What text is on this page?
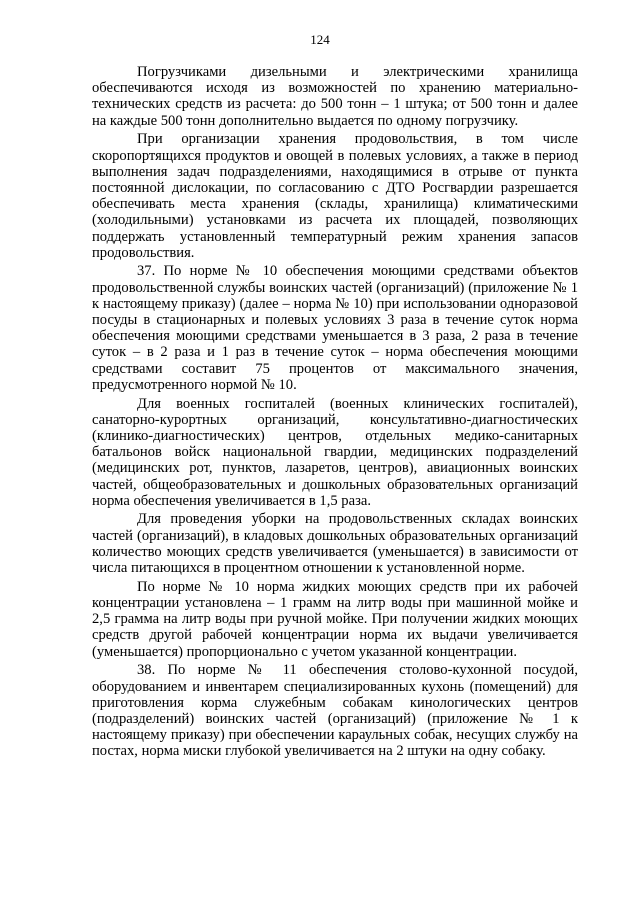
124

Погрузчиками дизельными и электрическими хранилища обеспечиваются исходя из возможностей по хранению материально-технических средств из расчета: до 500 тонн – 1 штука; от 500 тонн и далее на каждые 500 тонн дополнительно выдается по одному погрузчику.

При организации хранения продовольствия, в том числе скоропортящихся продуктов и овощей в полевых условиях, а также в период выполнения задач подразделениями, находящимися в отрыве от пункта постоянной дислокации, по согласованию с ДТО Росгвардии разрешается обеспечивать места хранения (склады, хранилища) климатическими (холодильными) установками из расчета их площадей, позволяющих поддержать установленный температурный режим хранения запасов продовольствия.

37. По норме № 10 обеспечения моющими средствами объектов продовольственной службы воинских частей (организаций) (приложение № 1 к настоящему приказу) (далее – норма № 10) при использовании одноразовой посуды в стационарных и полевых условиях 3 раза в течение суток норма обеспечения моющими средствами уменьшается в 3 раза, 2 раза в течение суток – в 2 раза и 1 раз в течение суток – норма обеспечения моющими средствами составит 75 процентов от максимального значения, предусмотренного нормой № 10.

Для военных госпиталей (военных клинических госпиталей), санаторно-курортных организаций, консультативно-диагностических (клинико-диагностических) центров, отдельных медико-санитарных батальонов войск национальной гвардии, медицинских подразделений (медицинских рот, пунктов, лазаретов, центров), авиационных воинских частей, общеобразовательных и дошкольных образовательных организаций норма обеспечения увеличивается в 1,5 раза.

Для проведения уборки на продовольственных складах воинских частей (организаций), в кладовых дошкольных образовательных организаций количество моющих средств увеличивается (уменьшается) в зависимости от числа питающихся в процентном отношении к установленной норме.

По норме № 10 норма жидких моющих средств при их рабочей концентрации установлена – 1 грамм на литр воды при машинной мойке и 2,5 грамма на литр воды при ручной мойке. При получении жидких моющих средств другой рабочей концентрации норма их выдачи увеличивается (уменьшается) пропорционально с учетом указанной концентрации.

38. По норме № 11 обеспечения столово-кухонной посудой, оборудованием и инвентарем специализированных кухонь (помещений) для приготовления корма служебным собакам кинологических центров (подразделений) воинских частей (организаций) (приложение № 1 к настоящему приказу) при обеспечении караульных собак, несущих службу на постах, норма миски глубокой увеличивается на 2 штуки на одну собаку.
